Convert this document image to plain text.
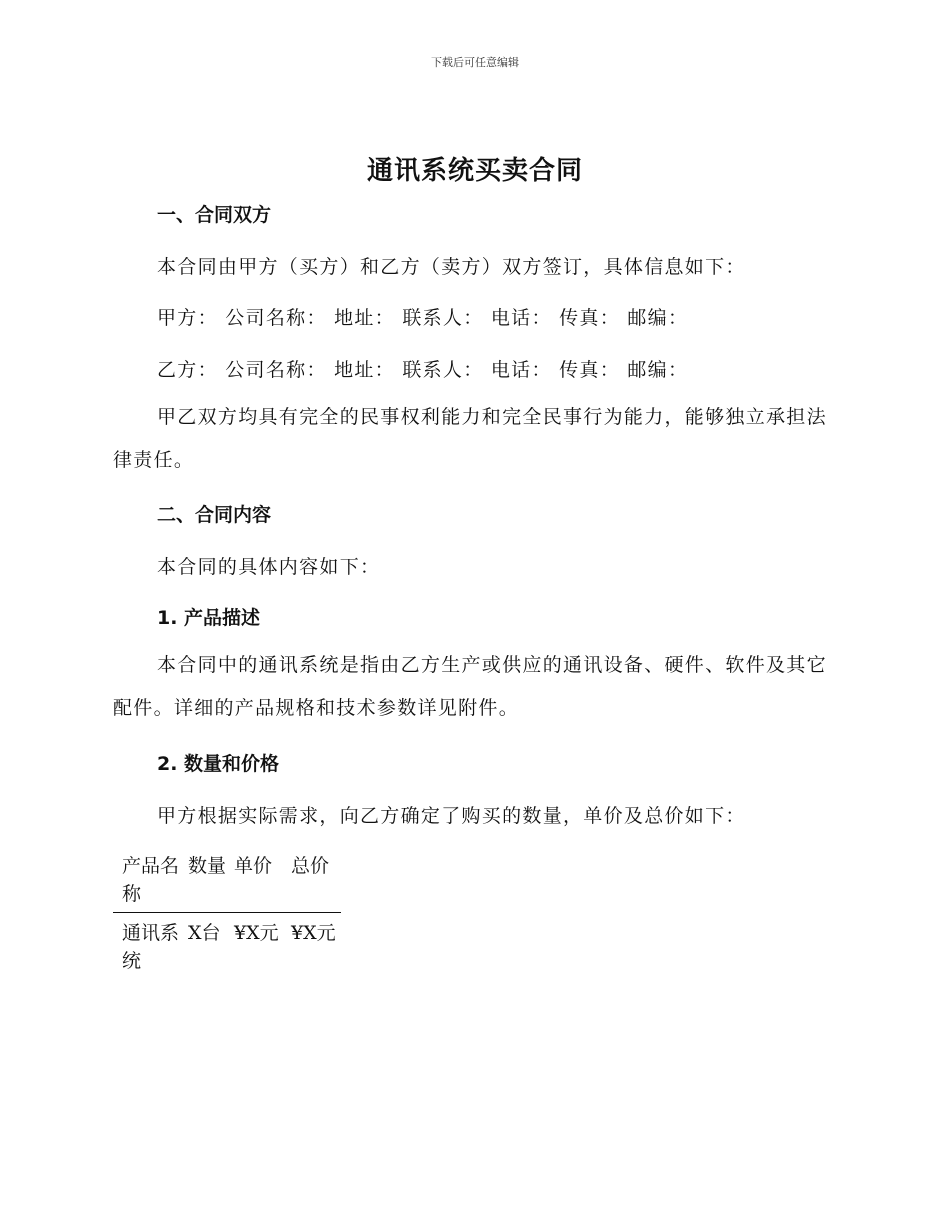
下载后可任意编辑
通讯系统买卖合同
一、合同双方
本合同由甲方（买方）和乙方（卖方）双方签订，具体信息如下：
甲方： 公司名称： 地址： 联系人： 电话： 传真： 邮编：
乙方： 公司名称： 地址： 联系人： 电话： 传真： 邮编：
甲乙双方均具有完全的民事权利能力和完全民事行为能力，能够独立承担法律责任。
二、合同内容
本合同的具体内容如下：
1. 产品描述
本合同中的通讯系统是指由乙方生产或供应的通讯设备、硬件、软件及其它配件。详细的产品规格和技术参数详见附件。
2. 数量和价格
甲方根据实际需求，向乙方确定了购买的数量，单价及总价如下：
产品名称	数量	单价	总价
通讯系统	X台	¥X元	¥X元
